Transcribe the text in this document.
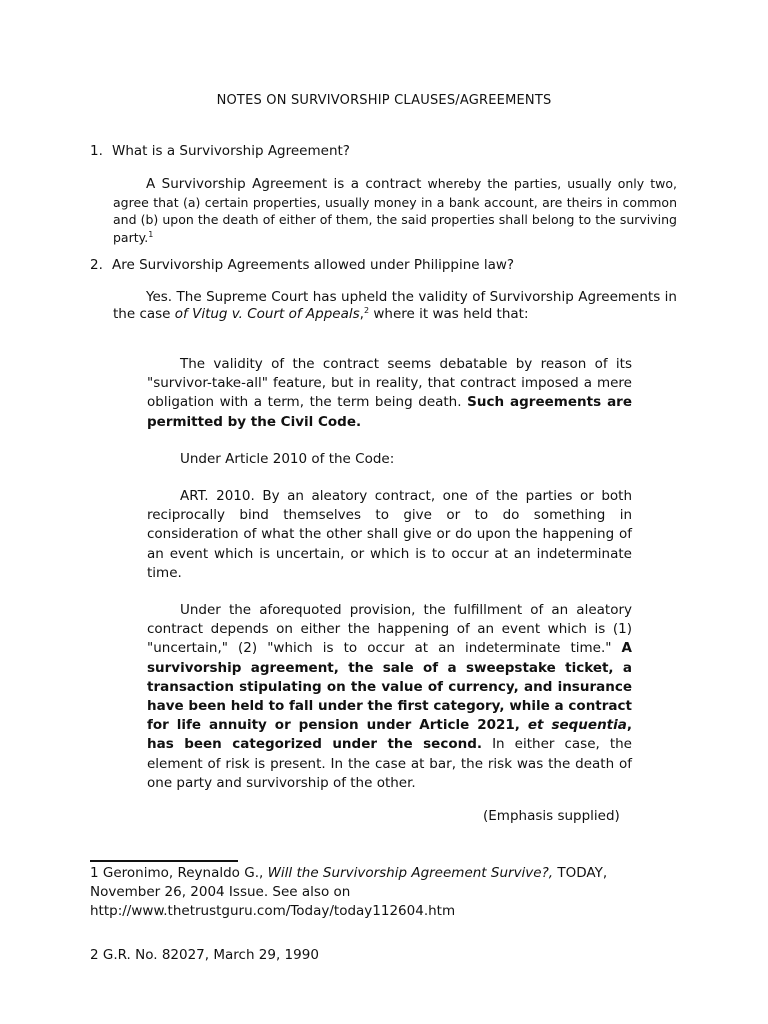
NOTES ON SURVIVORSHIP CLAUSES/AGREEMENTS
1. What is a Survivorship Agreement?
A Survivorship Agreement is a contract whereby the parties, usually only two, agree that (a) certain properties, usually money in a bank account, are theirs in common and (b) upon the death of either of them, the said properties shall belong to the surviving party.$^1$
2. Are Survivorship Agreements allowed under Philippine law?
Yes. The Supreme Court has upheld the validity of Survivorship Agreements in the case of Vitug v. Court of Appeals,$^2$ where it was held that:
The validity of the contract seems debatable by reason of its "survivor-take-all" feature, but in reality, that contract imposed a mere obligation with a term, the term being death. Such agreements are permitted by the Civil Code.
Under Article 2010 of the Code:
ART. 2010. By an aleatory contract, one of the parties or both reciprocally bind themselves to give or to do something in consideration of what the other shall give or do upon the happening of an event which is uncertain, or which is to occur at an indeterminate time.
Under the aforequoted provision, the fulfillment of an aleatory contract depends on either the happening of an event which is (1) "uncertain," (2) "which is to occur at an indeterminate time." A survivorship agreement, the sale of a sweepstake ticket, a transaction stipulating on the value of currency, and insurance have been held to fall under the first category, while a contract for life annuity or pension under Article 2021, et sequentia, has been categorized under the second. In either case, the element of risk is present. In the case at bar, the risk was the death of one party and survivorship of the other.
(Emphasis supplied)
1 Geronimo, Reynaldo G., Will the Survivorship Agreement Survive?, TODAY, November 26, 2004 Issue. See also on http://www.thetrustguru.com/Today/today112604.htm
2 G.R. No. 82027, March 29, 1990
